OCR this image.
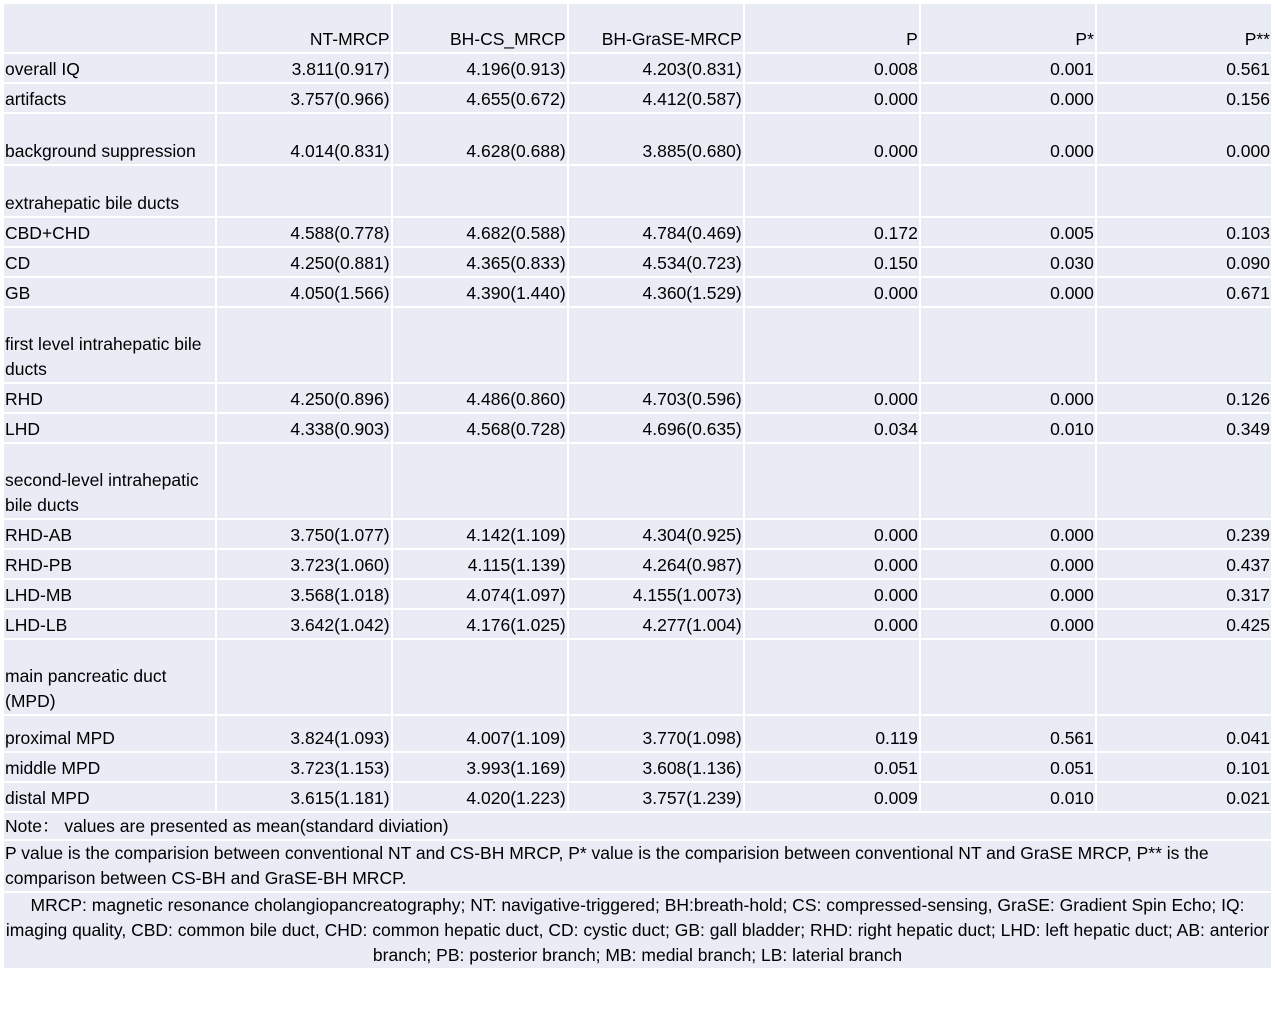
	NT-MRCP	BH-CS_MRCP	BH-GraSE-MRCP	P	P*	P**
overall IQ	3.811(0.917)	4.196(0.913)	4.203(0.831)	0.008	0.001	0.561
artifacts	3.757(0.966)	4.655(0.672)	4.412(0.587)	0.000	0.000	0.156
background suppression	4.014(0.831)	4.628(0.688)	3.885(0.680)	0.000	0.000	0.000
extrahepatic bile ducts						
CBD+CHD	4.588(0.778)	4.682(0.588)	4.784(0.469)	0.172	0.005	0.103
CD	4.250(0.881)	4.365(0.833)	4.534(0.723)	0.150	0.030	0.090
GB	4.050(1.566)	4.390(1.440)	4.360(1.529)	0.000	0.000	0.671
first level intrahepatic bile ducts						
RHD	4.250(0.896)	4.486(0.860)	4.703(0.596)	0.000	0.000	0.126
LHD	4.338(0.903)	4.568(0.728)	4.696(0.635)	0.034	0.010	0.349
second-level intrahepatic bile ducts						
RHD-AB	3.750(1.077)	4.142(1.109)	4.304(0.925)	0.000	0.000	0.239
RHD-PB	3.723(1.060)	4.115(1.139)	4.264(0.987)	0.000	0.000	0.437
LHD-MB	3.568(1.018)	4.074(1.097)	4.155(1.0073)	0.000	0.000	0.317
LHD-LB	3.642(1.042)	4.176(1.025)	4.277(1.004)	0.000	0.000	0.425
main pancreatic duct (MPD)						
proximal MPD	3.824(1.093)	4.007(1.109)	3.770(1.098)	0.119	0.561	0.041
middle MPD	3.723(1.153)	3.993(1.169)	3.608(1.136)	0.051	0.051	0.101
distal MPD	3.615(1.181)	4.020(1.223)	3.757(1.239)	0.009	0.010	0.021
Note： values are presented as mean(standard diviation)
P value is the comparision between conventional NT and CS-BH MRCP, P* value is the comparision between conventional NT and GraSE MRCP, P** is the comparison between CS-BH and GraSE-BH MRCP.
MRCP: magnetic resonance cholangiopancreatography; NT: navigative-triggered; BH:breath-hold; CS: compressed-sensing, GraSE: Gradient Spin Echo; IQ: imaging quality, CBD: common bile duct, CHD: common hepatic duct, CD: cystic duct; GB: gall bladder; RHD: right hepatic duct; LHD: left hepatic duct; AB: anterior branch; PB: posterior branch; MB: medial branch; LB: laterial branch
